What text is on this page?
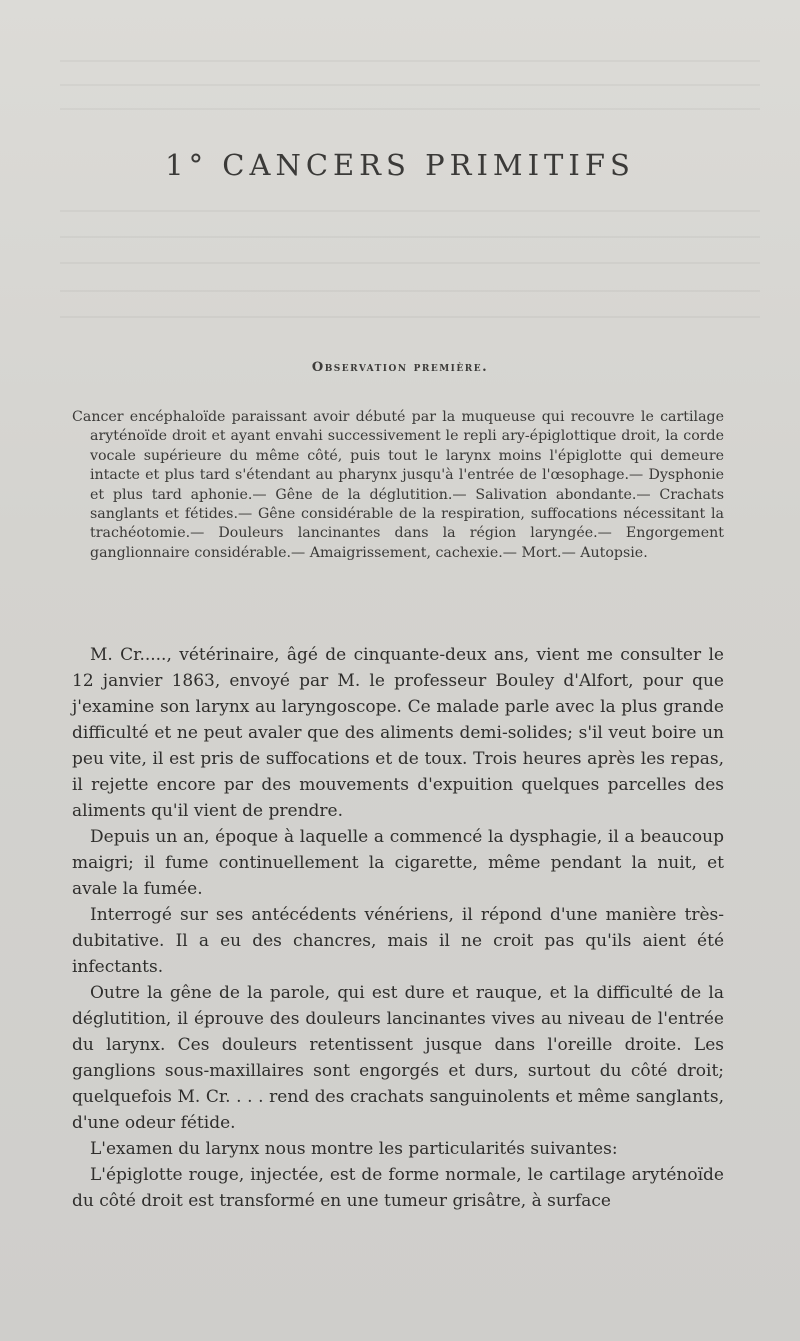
1° CANCERS PRIMITIFS
Observation première.

Cancer encéphaloïde paraissant avoir débuté par la muqueuse qui recouvre le cartilage aryténoïde droit et ayant envahi successivement le repli ary-épiglottique droit, la corde vocale supérieure du même côté, puis tout le larynx moins l'épiglotte qui demeure intacte et plus tard s'étendant au pharynx jusqu'à l'entrée de l'œsophage.— Dysphonie et plus tard aphonie.— Gêne de la déglutition.— Salivation abondante.— Crachats sanglants et fétides.— Gêne considérable de la respiration, suffocations nécessitant la trachéotomie.— Douleurs lancinantes dans la région laryngée.— Engorgement ganglionnaire considérable.— Amaigrissement, cachexie.— Mort.— Autopsie.

M. Cr....., vétérinaire, âgé de cinquante-deux ans, vient me consulter le 12 janvier 1863, envoyé par M. le professeur Bouley d'Alfort, pour que j'examine son larynx au laryngoscope. Ce malade parle avec la plus grande difficulté et ne peut avaler que des aliments demi-solides; s'il veut boire un peu vite, il est pris de suffocations et de toux. Trois heures après les repas, il rejette encore par des mouvements d'expuition quelques parcelles des aliments qu'il vient de prendre.

Depuis un an, époque à laquelle a commencé la dysphagie, il a beaucoup maigri; il fume continuellement la cigarette, même pendant la nuit, et avale la fumée.

Interrogé sur ses antécédents vénériens, il répond d'une manière très-dubitative. Il a eu des chancres, mais il ne croit pas qu'ils aient été infectants.

Outre la gêne de la parole, qui est dure et rauque, et la difficulté de la déglutition, il éprouve des douleurs lancinantes vives au niveau de l'entrée du larynx. Ces douleurs retentissent jusque dans l'oreille droite. Les ganglions sous-maxillaires sont engorgés et durs, surtout du côté droit; quelquefois M. Cr. . . . rend des crachats sanguinolents et même sanglants, d'une odeur fétide.

L'examen du larynx nous montre les particularités suivantes:

L'épiglotte rouge, injectée, est de forme normale, le cartilage aryténoïde du côté droit est transformé en une tumeur grisâtre, à surface
